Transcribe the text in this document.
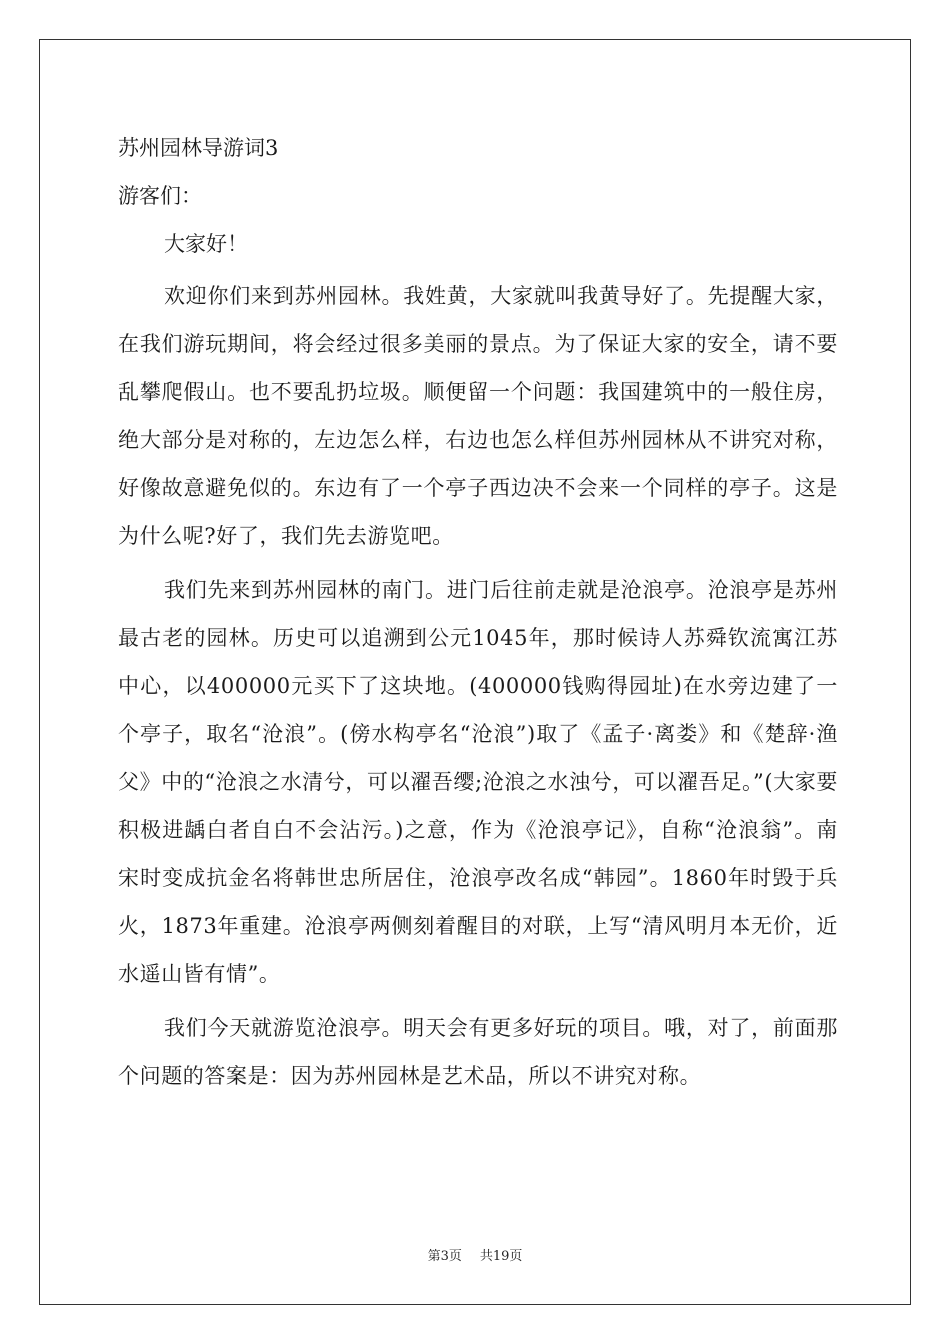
苏州园林导游词3
游客们：
大家好！

欢迎你们来到苏州园林。我姓黄，大家就叫我黄导好了。先提醒大家，在我们游玩期间，将会经过很多美丽的景点。为了保证大家的安全，请不要乱攀爬假山。也不要乱扔垃圾。顺便留一个问题：我国建筑中的一般住房，绝大部分是对称的，左边怎么样，右边也怎么样但苏州园林从不讲究对称，好像故意避免似的。东边有了一个亭子西边决不会来一个同样的亭子。这是为什么呢?好了，我们先去游览吧。

我们先来到苏州园林的南门。进门后往前走就是沧浪亭。沧浪亭是苏州最古老的园林。历史可以追溯到公元1045年，那时候诗人苏舜钦流寓江苏中心，以400000元买下了这块地。(400000钱购得园址)在水旁边建了一个亭子，取名“沧浪”。(傍水构亭名“沧浪”)取了《孟子·离娄》和《楚辞·渔父》中的“沧浪之水清兮，可以濯吾缨;沧浪之水浊兮，可以濯吾足。”(大家要积极进龋白者自白不会沾污。)之意，作为《沧浪亭记》，自称“沧浪翁”。南宋时变成抗金名将韩世忠所居住，沧浪亭改名成“韩园”。1860年时毁于兵火，1873年重建。沧浪亭两侧刻着醒目的对联，上写“清风明月本无价，近水遥山皆有情”。

我们今天就游览沧浪亭。明天会有更多好玩的项目。哦，对了，前面那个问题的答案是：因为苏州园林是艺术品，所以不讲究对称。

第3页 共19页
